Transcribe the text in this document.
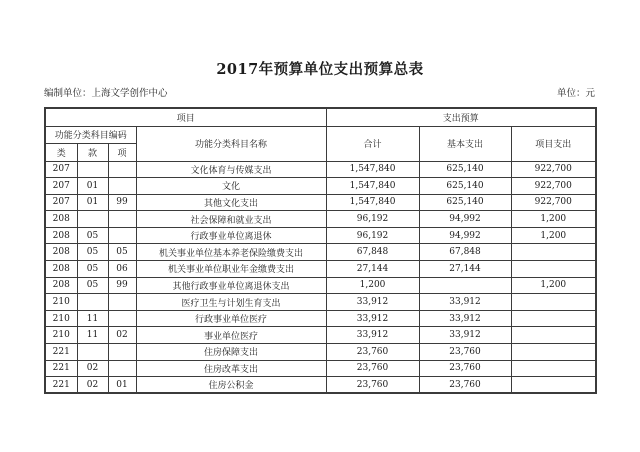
2017年预算单位支出预算总表
编制单位：上海文学创作中心	单位：元
项目				支出预算		
功能分类科目编码			功能分类科目名称	合计	基本支出	项目支出
类	款	项				
207			文化体育与传媒支出	1,547,840	625,140	922,700
207	01		文化	1,547,840	625,140	922,700
207	01	99	其他文化支出	1,547,840	625,140	922,700
208			社会保障和就业支出	96,192	94,992	1,200
208	05		行政事业单位离退休	96,192	94,992	1,200
208	05	05	机关事业单位基本养老保险缴费支出	67,848	67,848	
208	05	06	机关事业单位职业年金缴费支出	27,144	27,144	
208	05	99	其他行政事业单位离退休支出	1,200		1,200
210			医疗卫生与计划生育支出	33,912	33,912	
210	11		行政事业单位医疗	33,912	33,912	
210	11	02	事业单位医疗	33,912	33,912	
221			住房保障支出	23,760	23,760	
221	02		住房改革支出	23,760	23,760	
221	02	01	住房公积金	23,760	23,760	
